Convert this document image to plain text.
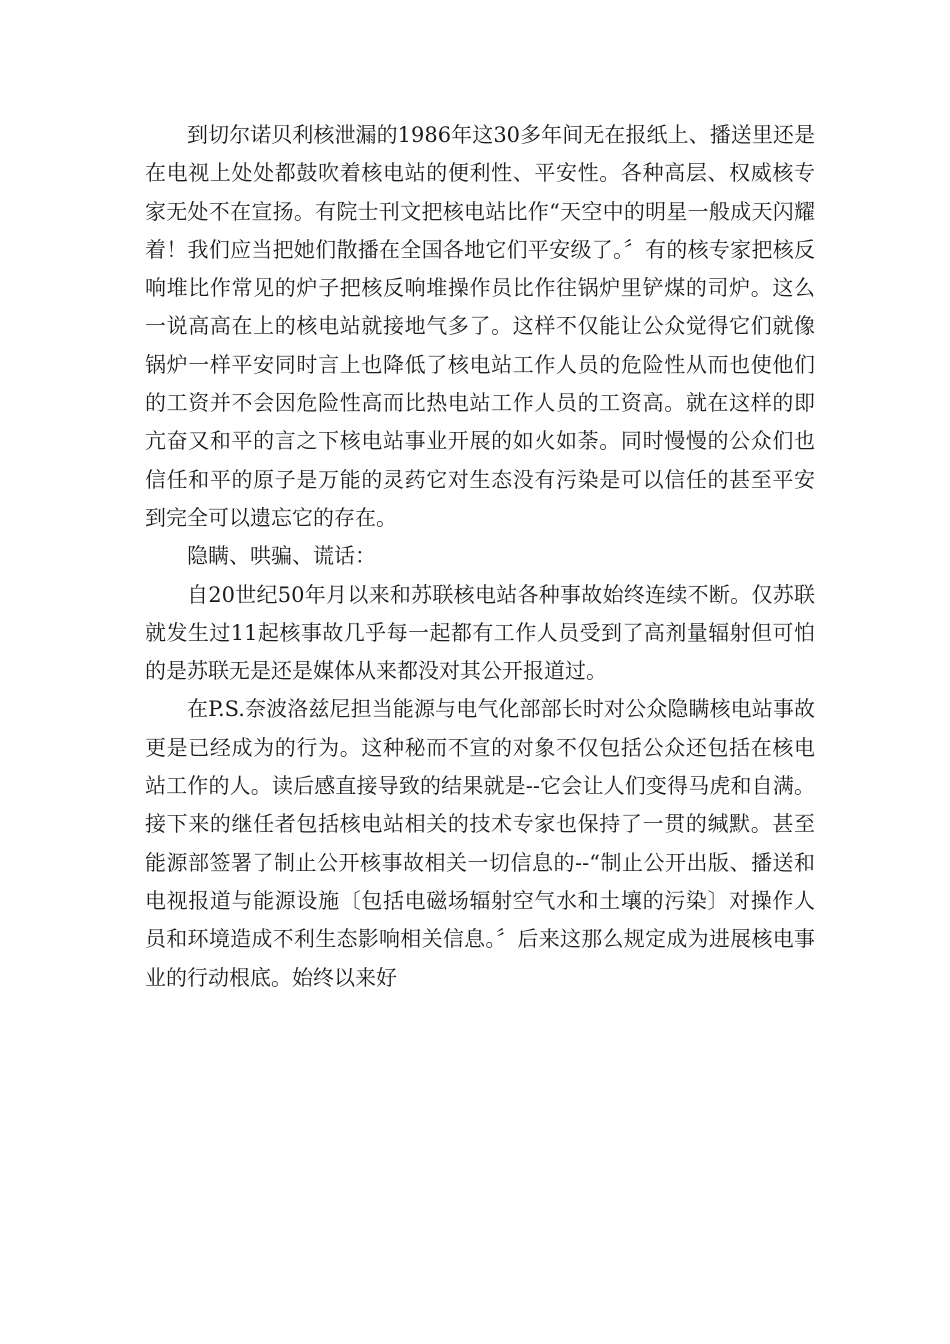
到切尔诺贝利核泄漏的1986年这30多年间无在报纸上、播送里还是在电视上处处都鼓吹着核电站的便利性、平安性。各种高层、权威核专家无处不在宣扬。有院士刊文把核电站比作“天空中的明星一般成天闪耀着！我们应当把她们散播在全国各地它们平安级了。〞有的核专家把核反响堆比作常见的炉子把核反响堆操作员比作往锅炉里铲煤的司炉。这么一说高高在上的核电站就接地气多了。这样不仅能让公众觉得它们就像锅炉一样平安同时言上也降低了核电站工作人员的危险性从而也使他们的工资并不会因危险性高而比热电站工作人员的工资高。就在这样的即亢奋又和平的言之下核电站事业开展的如火如荼。同时慢慢的公众们也信任和平的原子是万能的灵药它对生态没有污染是可以信任的甚至平安到完全可以遗忘它的存在。

隐瞒、哄骗、谎话：

自20世纪50年月以来和苏联核电站各种事故始终连续不断。仅苏联就发生过11起核事故几乎每一起都有工作人员受到了高剂量辐射但可怕的是苏联无是还是媒体从来都没对其公开报道过。

在P.S.奈波洛兹尼担当能源与电气化部部长时对公众隐瞒核电站事故更是已经成为的行为。这种秘而不宣的对象不仅包括公众还包括在核电站工作的人。读后感直接导致的结果就是--它会让人们变得马虎和自满。接下来的继任者包括核电站相关的技术专家也保持了一贯的缄默。甚至能源部签署了制止公开核事故相关一切信息的--“制止公开出版、播送和电视报道与能源设施〔包括电磁场辐射空气水和土壤的污染〕对操作人员和环境造成不利生态影响相关信息。〞后来这那么规定成为进展核电事业的行动根底。始终以来好
